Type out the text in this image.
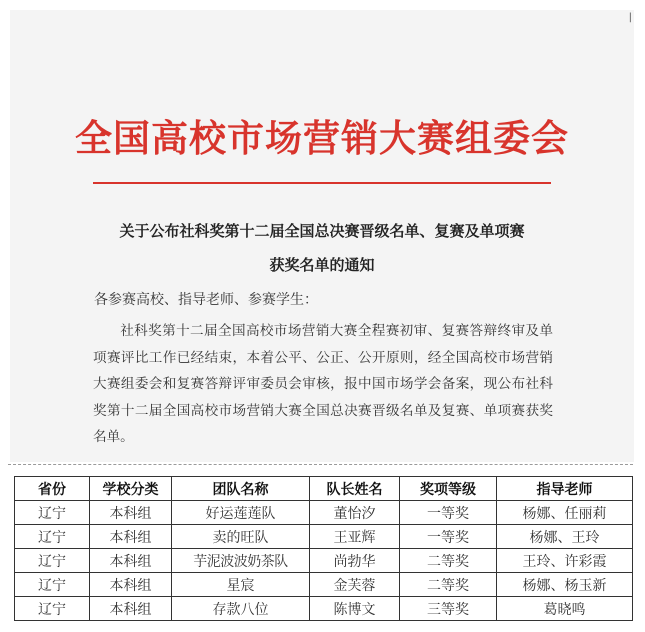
|
全国高校市场营销大赛组委会
关于公布社科奖第十二届全国总决赛晋级名单、复赛及单项赛
获奖名单的通知
各参赛高校、指导老师、参赛学生：
社科奖第十二届全国高校市场营销大赛全程赛初审、复赛答辩终审及单项赛评比工作已经结束，本着公平、公正、公开原则，经全国高校市场营销大赛组委会和复赛答辩评审委员会审核，报中国市场学会备案，现公布社科奖第十二届全国高校市场营销大赛全国总决赛晋级名单及复赛、单项赛获奖名单。
省份	学校分类	团队名称	队长姓名	奖项等级	指导老师
辽宁	本科组	好运莲莲队	董怡汐	一等奖	杨娜、任丽莉
辽宁	本科组	卖的旺队	王亚辉	一等奖	杨娜、王玲
辽宁	本科组	芋泥波波奶茶队	尚勃华	二等奖	王玲、许彩霞
辽宁	本科组	星宸	金芙蓉	二等奖	杨娜、杨玉新
辽宁	本科组	存款八位	陈博文	三等奖	葛晓鸣
